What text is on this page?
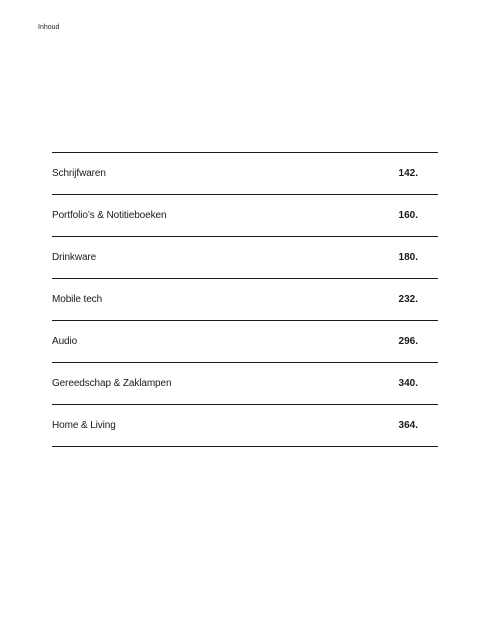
Inhoud
Schrijfwaren	142.
Portfolio’s & Notitieboeken	160.
Drinkware	180.
Mobile tech	232.
Audio	296.
Gereedschap & Zaklampen	340.
Home & Living	364.
